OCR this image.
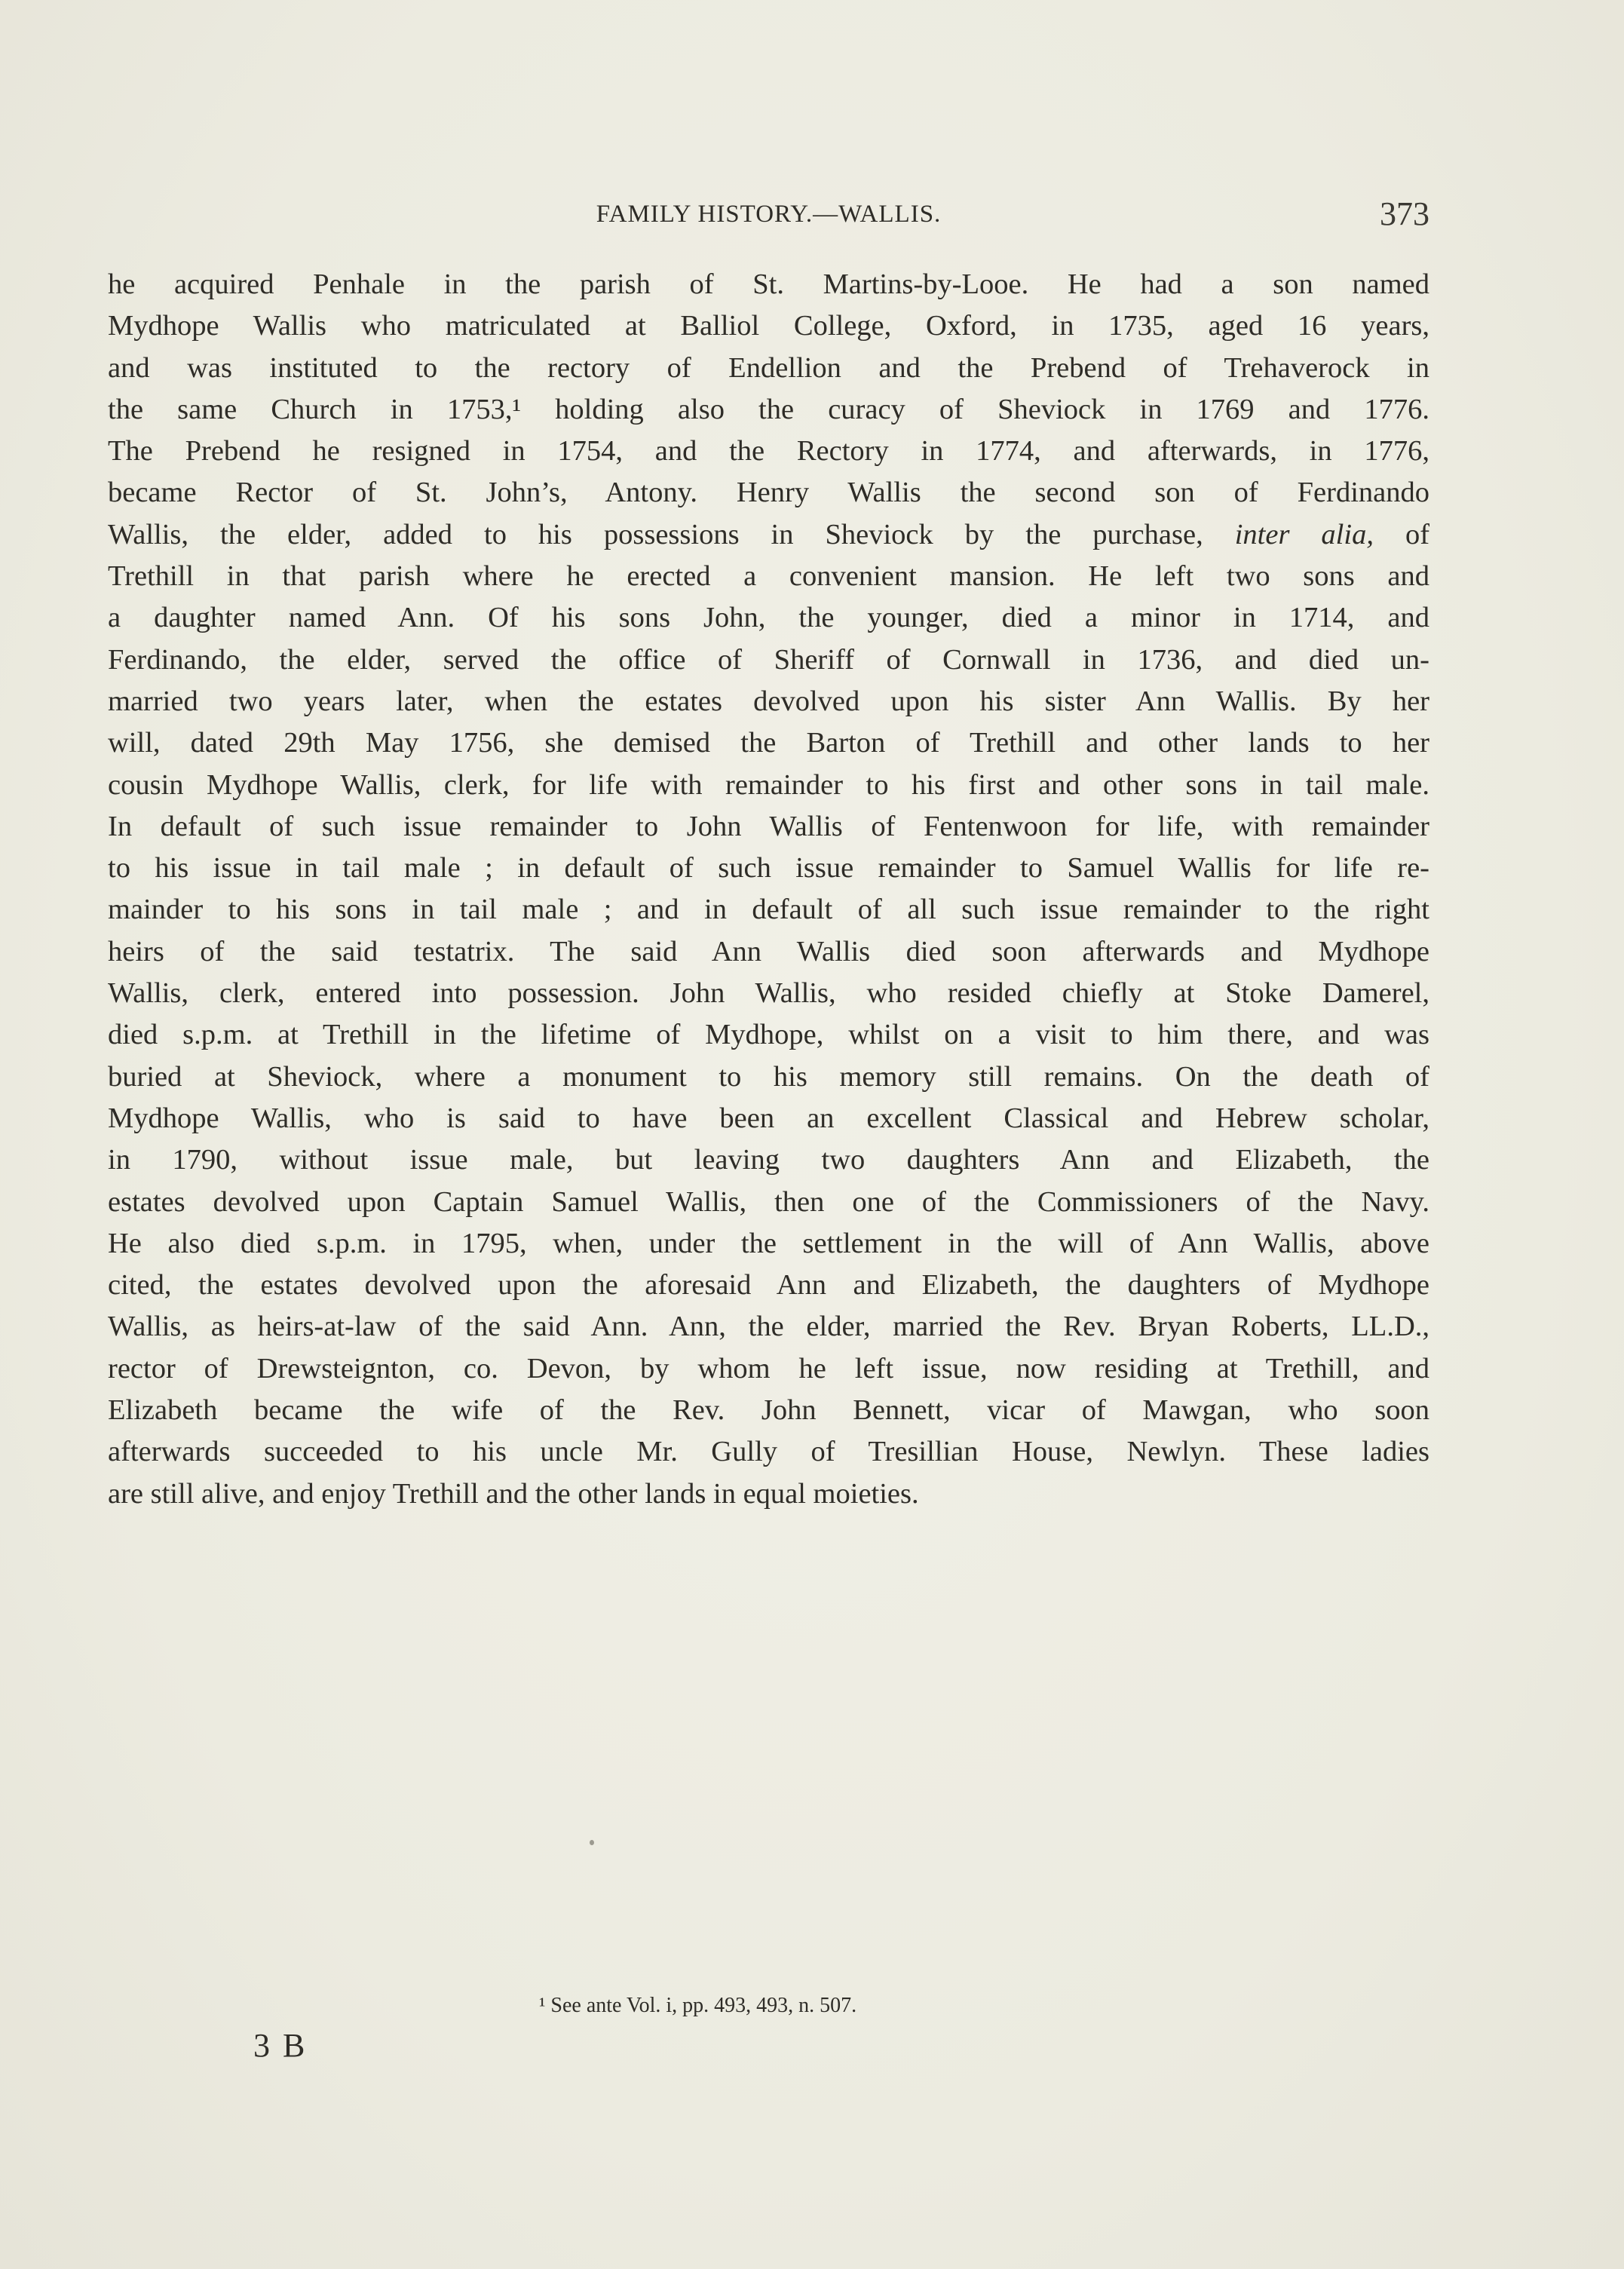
FAMILY HISTORY.—WALLIS.	373
he acquired Penhale in the parish of St. Martins-by-Looe. He had a son named
Mydhope Wallis who matriculated at Balliol College, Oxford, in 1735, aged 16 years,
and was instituted to the rectory of Endellion and the Prebend of Trehaverock in
the same Church in 1753,¹ holding also the curacy of Sheviock in 1769 and 1776.
The Prebend he resigned in 1754, and the Rectory in 1774, and afterwards, in 1776,
became Rector of St. John’s, Antony. Henry Wallis the second son of Ferdinando
Wallis, the elder, added to his possessions in Sheviock by the purchase, inter alia, of
Trethill in that parish where he erected a convenient mansion. He left two sons and
a daughter named Ann. Of his sons John, the younger, died a minor in 1714, and
Ferdinando, the elder, served the office of Sheriff of Cornwall in 1736, and died un-
married two years later, when the estates devolved upon his sister Ann Wallis. By her
will, dated 29th May 1756, she demised the Barton of Trethill and other lands to her
cousin Mydhope Wallis, clerk, for life with remainder to his first and other sons in tail male.
In default of such issue remainder to John Wallis of Fentenwoon for life, with remainder
to his issue in tail male ; in default of such issue remainder to Samuel Wallis for life re-
mainder to his sons in tail male ; and in default of all such issue remainder to the right
heirs of the said testatrix. The said Ann Wallis died soon afterwards and Mydhope
Wallis, clerk, entered into possession. John Wallis, who resided chiefly at Stoke Damerel,
died s.p.m. at Trethill in the lifetime of Mydhope, whilst on a visit to him there, and was
buried at Sheviock, where a monument to his memory still remains. On the death of
Mydhope Wallis, who is said to have been an excellent Classical and Hebrew scholar,
in 1790, without issue male, but leaving two daughters Ann and Elizabeth, the
estates devolved upon Captain Samuel Wallis, then one of the Commissioners of the Navy.
He also died s.p.m. in 1795, when, under the settlement in the will of Ann Wallis, above
cited, the estates devolved upon the aforesaid Ann and Elizabeth, the daughters of Mydhope
Wallis, as heirs-at-law of the said Ann. Ann, the elder, married the Rev. Bryan Roberts, LL.D.,
rector of Drewsteignton, co. Devon, by whom he left issue, now residing at Trethill, and
Elizabeth became the wife of the Rev. John Bennett, vicar of Mawgan, who soon
afterwards succeeded to his uncle Mr. Gully of Tresillian House, Newlyn. These ladies
are still alive, and enjoy Trethill and the other lands in equal moieties.
¹ See ante Vol. i, pp. 493, 493, n. 507.
3 B
